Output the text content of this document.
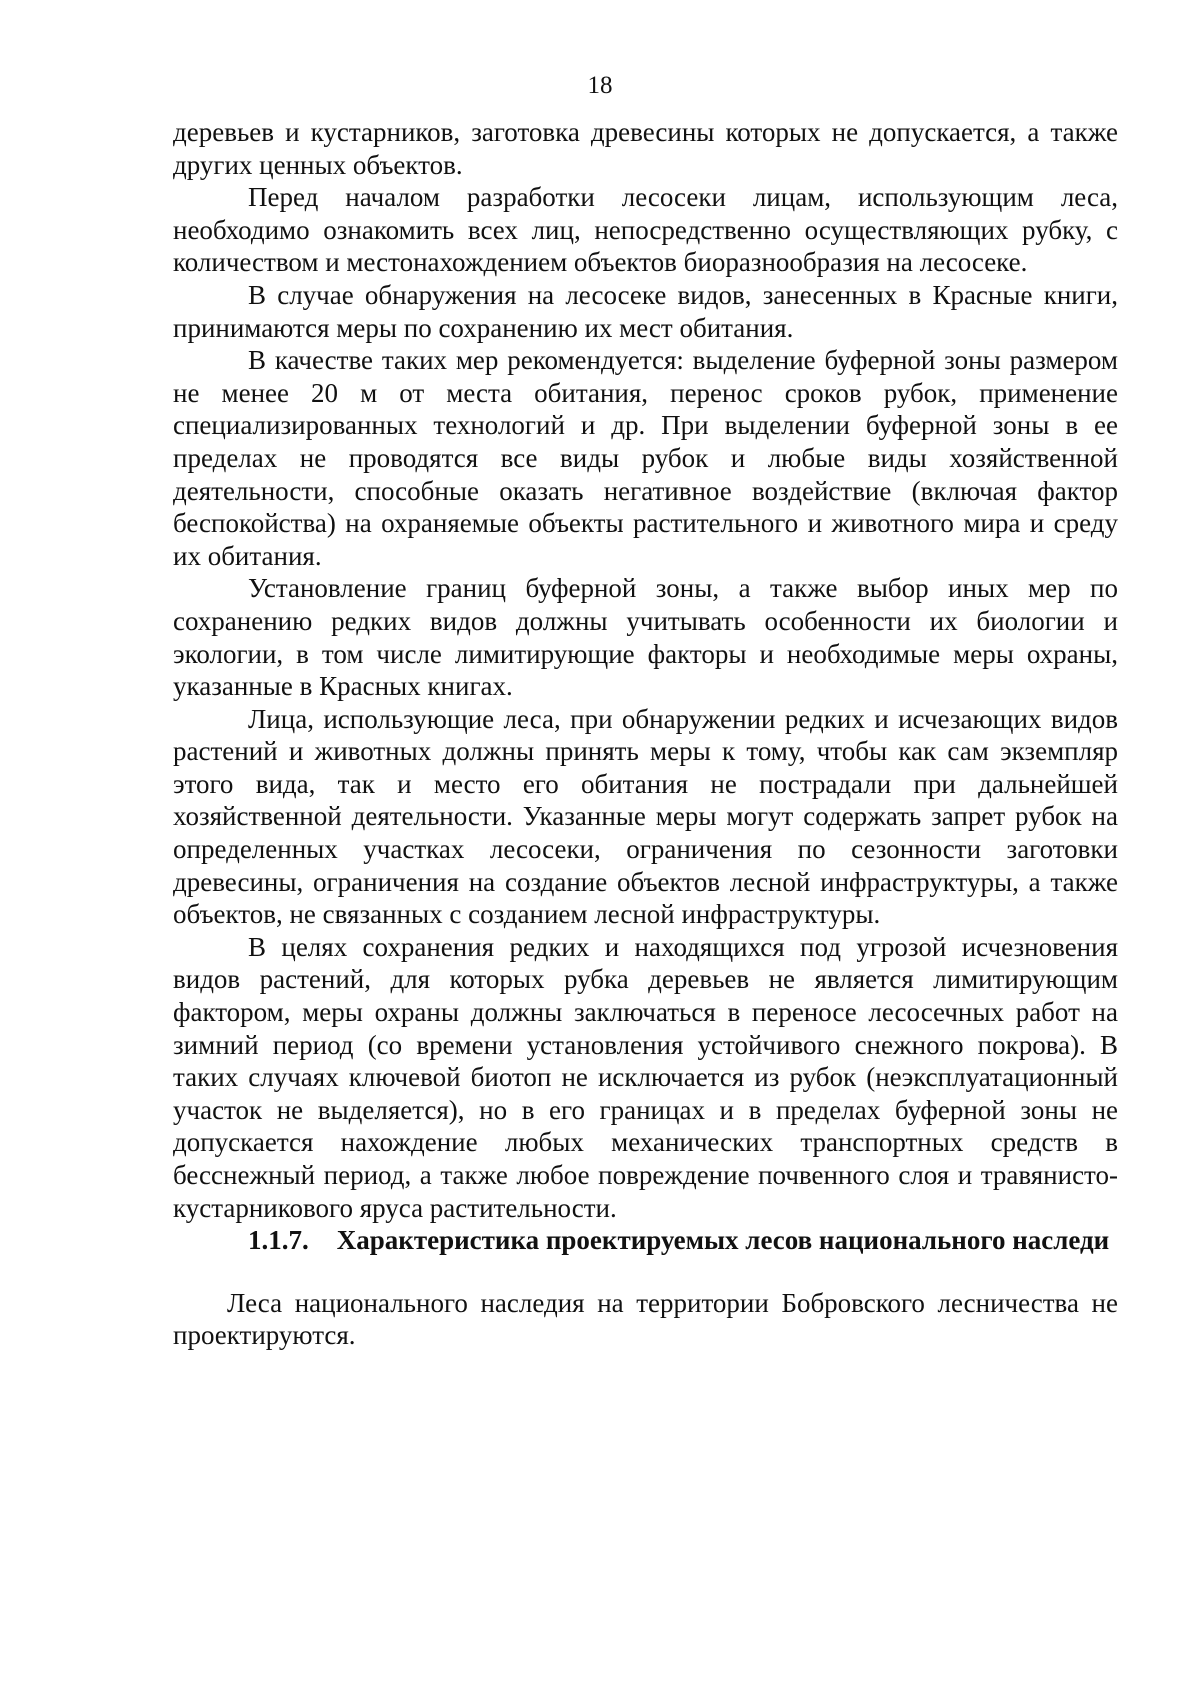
18

деревьев и кустарников, заготовка древесины которых не допускается, а также других ценных объектов.

Перед началом разработки лесосеки лицам, использующим леса, необходимо ознакомить всех лиц, непосредственно осуществляющих рубку, с количеством и местонахождением объектов биоразнообразия на лесосеке.

В случае обнаружения на лесосеке видов, занесенных в Красные книги, принимаются меры по сохранению их мест обитания.

В качестве таких мер рекомендуется: выделение буферной зоны размером не менее 20 м от места обитания, перенос сроков рубок, применение специализированных технологий и др. При выделении буферной зоны в ее пределах не проводятся все виды рубок и любые виды хозяйственной деятельности, способные оказать негативное воздействие (включая фактор беспокойства) на охраняемые объекты растительного и животного мира и среду их обитания.

Установление границ буферной зоны, а также выбор иных мер по сохранению редких видов должны учитывать особенности их биологии и экологии, в том числе лимитирующие факторы и необходимые меры охраны, указанные в Красных книгах.

Лица, использующие леса, при обнаружении редких и исчезающих видов растений и животных должны принять меры к тому, чтобы как сам экземпляр этого вида, так и место его обитания не пострадали при дальнейшей хозяйственной деятельности. Указанные меры могут содержать запрет рубок на определенных участках лесосеки, ограничения по сезонности заготовки древесины, ограничения на создание объектов лесной инфраструктуры, а также объектов, не связанных с созданием лесной инфраструктуры.

В целях сохранения редких и находящихся под угрозой исчезновения видов растений, для которых рубка деревьев не является лимитирующим фактором, меры охраны должны заключаться в переносе лесосечных работ на зимний период (со времени установления устойчивого снежного покрова). В таких случаях ключевой биотоп не исключается из рубок (неэксплуатационный участок не выделяется), но в его границах и в пределах буферной зоны не допускается нахождение любых механических транспортных средств в бесснежный период, а также любое повреждение почвенного слоя и травянисто-кустарникового яруса растительности.

1.1.7. Характеристика проектируемых лесов национального наследи

Леса национального наследия на территории Бобровского лесничества не проектируются.
